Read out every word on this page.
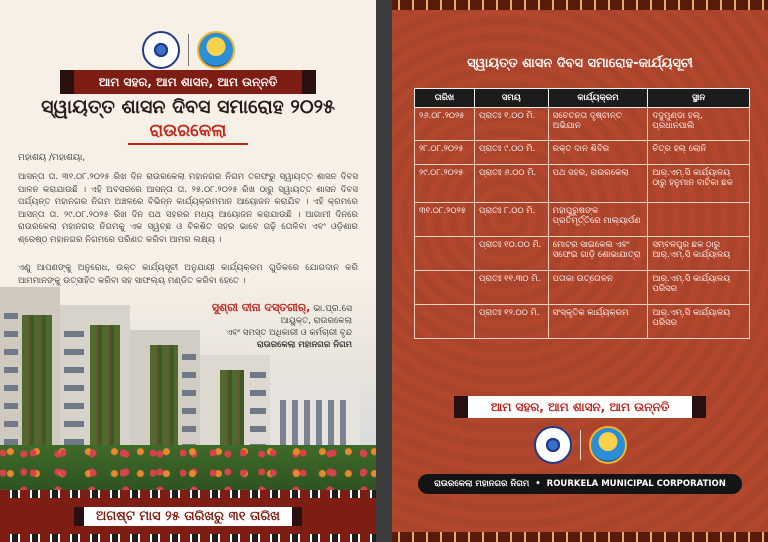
ଆମ ସହର, ଆମ ଶାସନ, ଆମ ଉନ୍ନତି
ସ୍ୱାୟତ୍ତ ଶାସନ ଦିବସ ସମାରୋହ ୨୦୨୫
ରାଉରକେଲା
ମହାଶୟ /ମହାଶୟା,
ଆସନ୍ତା ତା. ୩୧.୦୮.୨୦୨୫ ରିଖ ଦିନ ରାଉରକେଲା ମହାନଗର ନିଗମ ତରଫରୁ ସ୍ୱାୟତ୍ତ ଶାସନ ଦିବସ ପାଳନ କରାଯାଉଛି । ଏହି ଅବସରରେ ଆସନ୍ତା ତା. ୨୫.୦୮.୨୦୨୫ ରିଖ ଠାରୁ ସ୍ୱାୟତ୍ତ ଶାସନ ଦିବସ ପର୍ଯ୍ୟନ୍ତ ମହାନଗର ନିଗମ ଅଞ୍ଚଳରେ ବିଭିନ୍ନ କାର୍ଯ୍ୟକ୍ରମମାନ ଆୟୋଜନ କରାଯିବ । ଏହି କ୍ରମରେ ଆସନ୍ତା ତା. ୨୯.୦୮.୨୦୨୫ ରିଖ ଦିନ ପଥ ସହରର ମଧ୍ୟ ଆୟୋଜନ କରାଯାଉଛି । ଆଗାମୀ ଦିନରେ ରାଉରକେଲା ମହାନଗର ନିଗମକୁ ଏକ ସ୍ୱଚ୍ଛ ଓ ବିକଶିତ ସହର ଭାବେ ଗଢ଼ି ତୋଳିବା ଏବଂ ଓଡ଼ିଶାର ଶ୍ରେଷ୍ଠ ମହାନଗର ନିଗମରେ ପରିଣତ କରିବା ଆମର ଲକ୍ଷ୍ୟ ।
ଏଣୁ ଆପଣଙ୍କୁ ଅନୁରୋଧ, ଉକ୍ତ କାର୍ଯ୍ୟସୂଚୀ ଅନୁଯାୟୀ କାର୍ଯ୍ୟକ୍ରମ ଗୁଡିକରେ ଯୋଗଦାନ କରି ଆମମାନଙ୍କୁ ଉତ୍ସାହିତ କରିବା ସହ ସାଫଲ୍ୟ ମଣ୍ଡିତ କରିବା ହେତେ ।
ସୁଶ୍ରୀ ଦୀନା ଦସ୍ତଗୀର୍, ଭା.ପ୍ର.ସେ
ଆୟୁକ୍ତ, ରାଉରକେଲା
ଏବଂ ସମସ୍ତ ଅଧିକାରୀ ଓ କର୍ମଚାରୀ ବୃନ୍ଦ
ରାଉରକେଲା ମହାନଗର ନିଗମ
ଅଗଷ୍ଟ ମାସ ୨୫ ତାରିଖରୁ ୩୧ ତାରିଖ
ସ୍ୱାୟତ୍ତ ଶାସନ ଦିବସ ସମାରୋହ-କାର୍ଯ୍ୟସୂଚୀ
ତାରିଖ	ସମୟ	କାର୍ଯ୍ୟକ୍ରମ	ସ୍ଥାନ
୨୬.୦୮.୨୦୨୫	ପ୍ରାତଃ ୧.୦୦ ମି.	ସଚେତନତା ଦୃଷ୍ଟାନ୍ତ ଅଭିଯାନ	ଦଦୁମୁଣ୍ଡା ହଲ୍, ପ୍ରଧାନପାଲି
୨୮.୦୮.୨୦୨୫	ପ୍ରାତଃ ୯.୦୦ ମି.	ରକ୍ତ ଦାନ ଶିବିର	ଚିତ୍ର ହଲ୍ ଲୋନି
୨୯.୦୮.୨୦୨୫	ପ୍ରାତଃ ୬.୦୦ ମି.	ପଥ ସହର, ରାଉରକେଲା	ଆର୍.ଏମ୍.ସି କାର୍ଯ୍ୟାଳୟ ଠାରୁ ହନୁମାନ ବାଟିକା ଛକ
୩୧.୦୮.୨୦୨୫	ପ୍ରାତଃ ୮.୦୦ ମି.	ମହାପୁରୁଷଙ୍କ ପ୍ରତିମୂର୍ତ୍ତିରେ ମାଲ୍ୟାର୍ପଣ	
	ପ୍ରାତଃ ୧୦.୦୦ ମି.	ମୋଟର ସାଇକେଲ ଏବଂ ସଫେଇ ଗାଡ଼ି ଶୋଭାଯାତ୍ରା	ସମ୍ବଳପୁର ଛକ ଠାରୁ ଆର୍.ଏମ୍.ସି କାର୍ଯ୍ୟାଳୟ
	ପ୍ରାତଃ ୧୧.୩୦ ମି.	ପତାକା ଉତ୍ତୋଳନ	ଆର୍.ଏମ୍.ସି କାର୍ଯ୍ୟାଳୟ ପରିସର
	ପ୍ରାତଃ ୧୨.୦୦ ମି.	ସଂସ୍କୃତିକ କାର୍ଯ୍ୟକ୍ରମ	ଆର୍.ଏମ୍.ସି କାର୍ଯ୍ୟାଳୟ ପରିସର
ଆମ ସହର, ଆମ ଶାସନ, ଆମ ଉନ୍ନତି
ରାଉରକେଲା ମହାନଗର ନିଗମ • ROURKELA MUNICIPAL CORPORATION
